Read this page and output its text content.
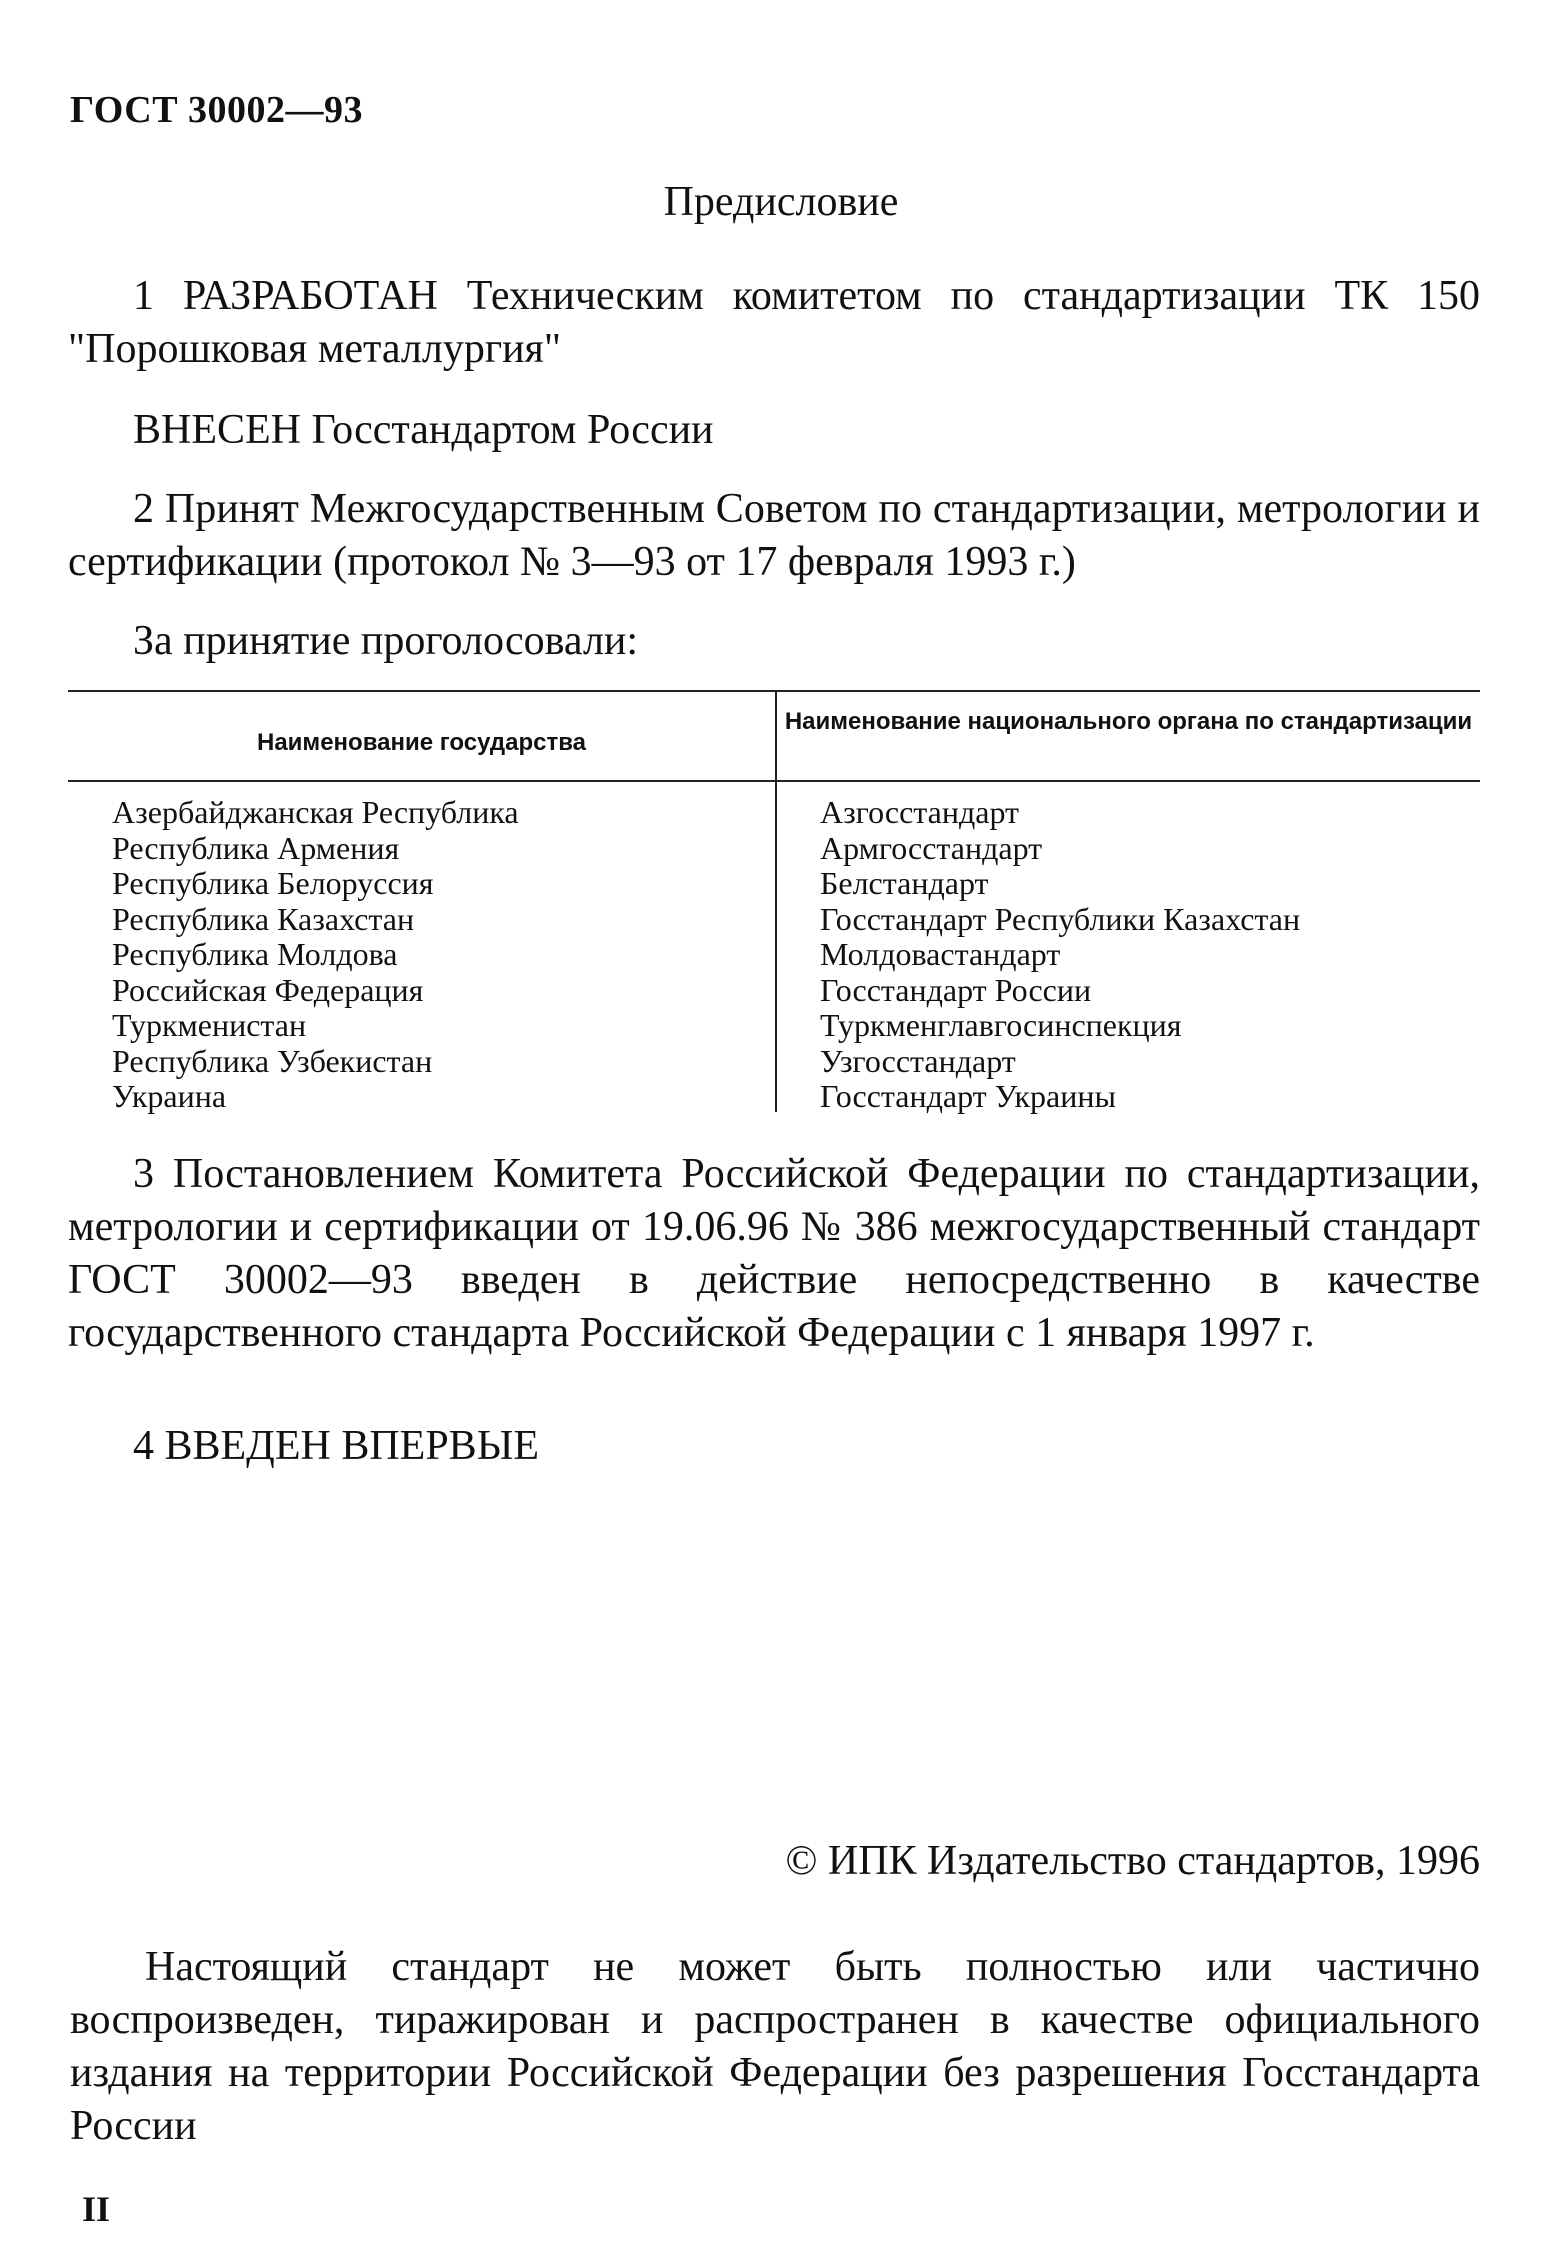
ГОСТ 30002—93
Предисловие
1 РАЗРАБОТАН Техническим комитетом по стандартизации ТК 150 "Порошковая металлургия"
ВНЕСЕН Госстандартом России
2 Принят Межгосударственным Советом по стандартизации, метрологии и сертификации (протокол № 3—93 от 17 февраля 1993 г.)
За принятие проголосовали:
Наименование государства
Наименование национального органа по стандартизации
Азербайджанская Республика
Республика Армения
Республика Белоруссия
Республика Казахстан
Республика Молдова
Российская Федерация
Туркменистан
Республика Узбекистан
Украина
Азгосстандарт
Армгосстандарт
Белстандарт
Госстандарт Республики Казахстан
Молдовастандарт
Госстандарт России
Туркменглавгосинспекция
Узгосстандарт
Госстандарт Украины
3 Постановлением Комитета Российской Федерации по стандартизации, метрологии и сертификации от 19.06.96 № 386 межгосударственный стандарт ГОСТ 30002—93 введен в действие непосредственно в качестве государственного стандарта Российской Федерации с 1 января 1997 г.
4 ВВЕДЕН ВПЕРВЫЕ
© ИПК Издательство стандартов, 1996
Настоящий стандарт не может быть полностью или частично воспроизведен, тиражирован и распространен в качестве официального издания на территории Российской Федерации без разрешения Госстандарта России
II
